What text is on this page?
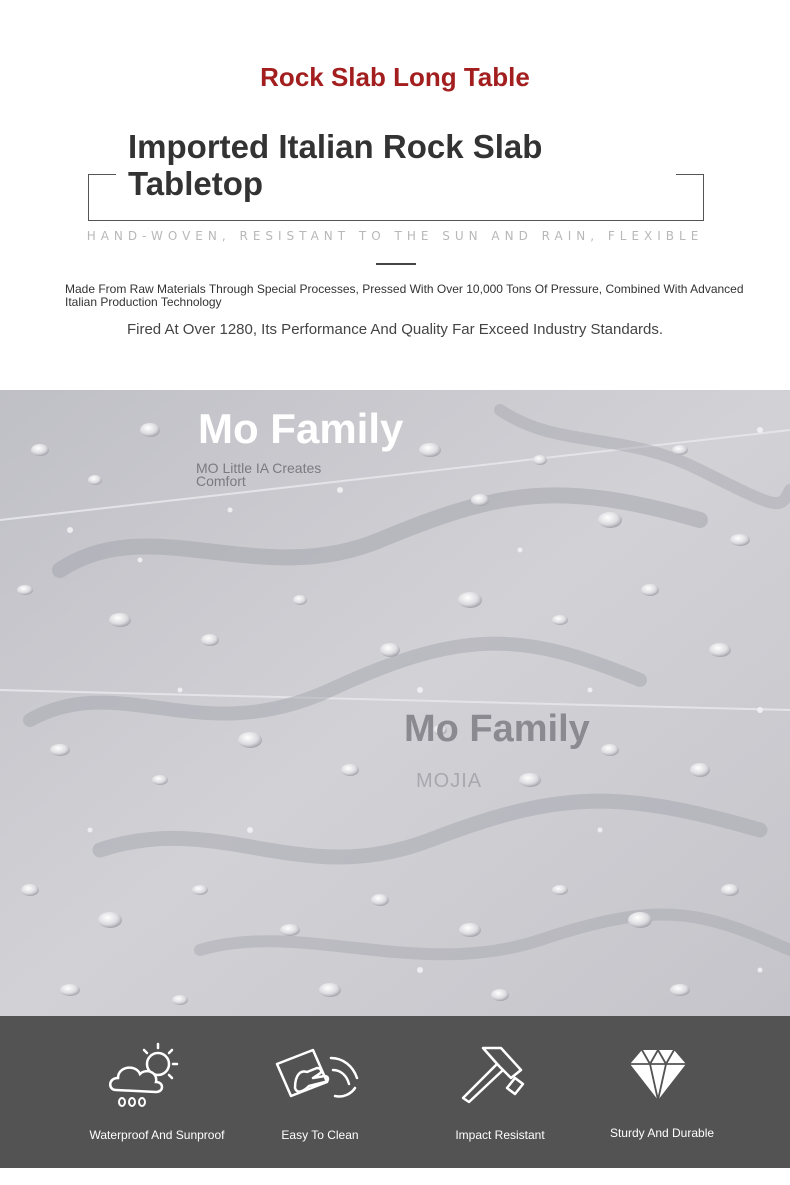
Rock Slab Long Table
Imported Italian Rock Slab Tabletop
HAND-WOVEN, RESISTANT TO THE SUN AND RAIN, FLEXIBLE
Made From Raw Materials Through Special Processes, Pressed With Over 10,000 Tons Of Pressure, Combined With Advanced Italian Production Technology
Fired At Over 1280, Its Performance And Quality Far Exceed Industry Standards.
Mo Family
MO Little IA Creates Comfort
Mo Family
MOJIA
Waterproof And Sunproof	Easy To Clean	Impact Resistant	Sturdy And Durable
